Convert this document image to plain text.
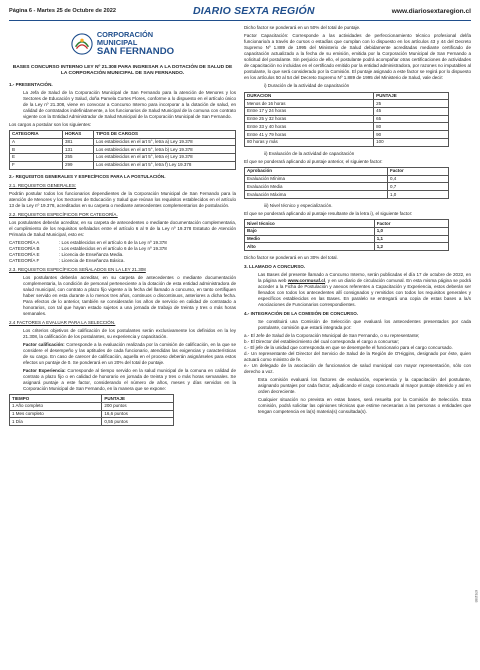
Página 6 - Martes 25 de Octubre de 2022	DIARIO SEXTA REGIÓN	www.diariosextaregion.cl
CORPORACIÓN
MUNICIPAL
SAN FERNANDO
BASES CONCURSO INTERNO LEY Nº 21.308 PARA INGRESAR A LA DOTACIÓN DE SALUD DE LA CORPORACIÓN MUNICIPAL DE SAN FERNANDO.
1.- PRESENTACIÓN.

La Jefa de Salud de la Corporación Municipal de San Fernando para la atención de Menores y los Sectores de Educación y Salud, doña Pamela Cortes Flores, conforme a lo dispuesto en el artículo único de la Ley nº 21.308, viene en convocar a Concurso Interno para incorporar a la dotación de salud, en calidad de contratados indefinidamente, a los funcionarios de Salud Municipal de la comuna con contrato vigente con la Entidad Administrador de Salud Municipal de la Corporación Municipal de San Fernando.

Los cargos a postular son los siguientes:

CATEGORIA	HORAS	TIPOS DE CARGOS
A	381	Los establecidos en el art 5°, letra a) Ley 19.378
B	131	Los establecidos en el art 5°, letra b) Ley 19.378
E	255	Los establecidos en el art 5°, letra e) Ley 19.378
F	299	Los establecidos en el art 5°, letra f) Ley 19.378
2.- REQUISITOS GENERALES Y ESPECÍFICOS PARA LA POSTULACIÓN.
2.1. REQUISITOS GENERALES:

Podrán postular todos los funcionarios dependientes de la Corporación Municipal de San Fernando para la atención de Menores y los Sectores de Educación y Salud que reúnan los requisitos establecidos en el artículo 13 de la Ley nº 19.378, acreditados en su carpeta o mediante antecedentes complementarios de postulación.

2.2. REQUISITOS ESPECÍFICOS POR CATEGORÍA.

Los postulantes deberán acreditar, en su carpeta de antecedentes o mediante documentación complementaria, el cumplimiento de los requisitos señalados entre el artículo 6 al 9 de la Ley nº 19.378 Estatuto de Atención Primaria de Salud Municipal, esto es:

CATEGORÍA A	: Los establecidos en el artículo 6 de la Ley nº 19.378
CATEGORÍA B	: Los establecidos en el artículo 6 de la Ley nº 19.378
CATEGORÍA E	: Licencia de Enseñanza Media.
CATEGORÍA F	: Licencia de Enseñanza Básica.
2.3. REQUISITOS ESPECÍFICOS SEÑALADOS EN LA LEY 21.308

Los postulantes deberán acreditar, en su carpeta de antecedentes o mediante documentación complementaria, la condición de personal perteneciente a la dotación de esta entidad administradora de salud municipal, con contrato a plazo fijo vigente a la fecha del llamado a concurso, en tanto certifiquen haber servido en esta durante a lo menos tres años, continuos o discontinuos, anteriores a dicha fecha. Para efectos de lo anterior, también se considerarán los años de servicio en calidad de contratado a honorarios, con tal que hayan estado sujetos a una jornada de trabajo de treinta y tres o más horas semanales.

2.4 FACTORES A EVALUAR PARA LA SELECCIÓN.

Los criterios objetivos de calificación de los postulantes serán exclusivamente los definidos en la ley 21.308, la calificación de los postulantes, su experiencia y capacitación.

Factor calificación: Corresponde a la evaluación realizada por la comisión de calificación, en la que se considere el desempeño y las aptitudes de cada funcionario, atendidas las exigencias y características de su cargo. En caso de carecer de calificación, aquella en el proceso deberán asignárseles para estos efectos un puntaje de 0. Se ponderará en un 20% del total de puntaje.

Factor Experiencia: Corresponde al tiempo servido en la salud municipal de la comuna en calidad de contrato a plazo fijo o en calidad de honorario en jornada de treinta y tres o más horas semanales. Se asignará puntaje a este factor, considerando el número de años, meses y días servidos en la Corporación Municipal de San Fernando, en la manera que se expone:

TIEMPO	PUNTAJE
1 Año completo	200 puntos
1 Mes completo	16,6 puntos
1 Día	0,55 puntos

Dicho factor se ponderará en un 50% del total de puntaje.

Factor Capacitación: Corresponde a las actividades de perfeccionamiento técnico profesional del/la funcionario/a a través de cursos o estadías que cumplan con lo dispuesto en los artículos 43 y 44 del Decreto Supremo Nº 1.889 de 1995 del Ministerio de Salud debidamente acreditadas mediante certificado de capacitación actualizado a la fecha de su emisión, emitida por la Corporación Municipal de San Fernando a solicitud del postulante. Sin perjuicio de ello, el postulante podrá acompañar otras certificaciones de actividades de capacitación no incluidas en el certificado emitido por la entidad administradora, por razones no imputables al postulante, lo que será considerado por la Comisión. El puntaje asignado a este factor se regirá por lo dispuesto en los artículos 50 al 54 del Decreto Supremo Nº 1.889 de 1995 del Ministerio de Salud, vale decir:

i) Duración de la actividad de capacitación

DURACION	PUNTAJE
Menos de 16 horas	25
Entre 17 y 24 horas	45
Entre 25 y 32 horas	65
Entre 33 y 40 horas	80
Entre 41 y 79 horas	90
80 horas y más	100

ii) Evaluación de la actividad de capacitación

El que se ponderará aplicando al puntaje anterior, el siguiente factor:

Aprobación	Factor
Evaluación Mínima	0,4
Evaluación Media	0,7
Evaluación Máxima	1,0

iii) Nivel técnico y especialización.

El que se ponderará aplicando al puntaje resultante de la letra i), el siguiente factor:

Nivel técnico	Factor
Bajo	1,0
Medio	1,1
Alto	1,2

Dicho factor se ponderará en un 30% del total.

3. LLAMADO A CONCURSO.

Las Bases del presente llamado a Concurso Interno, serán publicadas el día 17 de octubre de 2022, en la página web www.cormusaf.cl, y en un diario de circulación comunal. En esta misma página se podrá acceder a la Ficha de Postulación y anexos referentes a Capacitación y Experiencia, estos deberán ser llenados con todos los antecedentes allí consignados y remitidos con todos los requisitos generales y específicos establecidos en las Bases. En paralelo se entregará una copia de estas bases a la/s Asociaciones de Funcionarios correspondientes.

4.- INTEGRACIÓN DE LA COMISIÓN DE CONCURSO.

Se constituirá una Comisión de Selección que evaluará los antecedentes presentados por cada postulante, comisión que estará integrada por:

a.- El Jefe de Salud de la Corporación Municipal de San Fernando, o su representante;
b.- El Director del establecimiento del cual corresponda el cargo a concursar;
c.- El jefe de la unidad que corresponda en que se desempeñe el funcionario para el cargo concursado.
d.- Un representante del Director del Servicio de Salud de la Región de O'Higgins, designado por éste, quien actuará como ministro de fe.
e.- Un delegado de la asociación de funcionarios de salud municipal con mayor representación, sólo con derecho a voz.

Esta comisión evaluará los factores de evaluación, experiencia y la capacitación del postulante, asignando puntajes por cada factor, adjudicando el cargo concursado al mayor puntaje obtenido y así en orden decreciente.

Cualquier situación no prevista en estas bases, será resuelta por la Comisión de Selección. Esta comisión, podrá solicitar las opiniones técnicas que estime necesarias a las personas o entidades que tengan competencia en la(s) materia(s) consultada(s).

6761585
